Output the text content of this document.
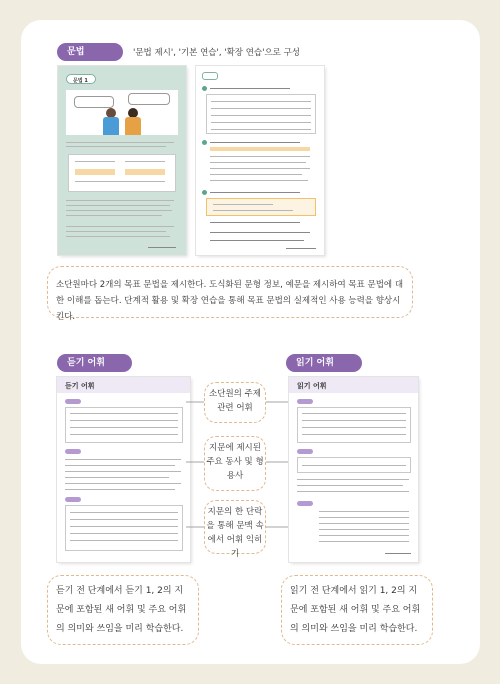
문법	'문법 제시', '기본 연습', '확장 연습'으로 구성
문법 1
소단원마다 2개의 목표 문법을 제시한다. 도식화된 문형 정보, 예문을 제시하여 목표 문법에 대한 이해를 돕는다. 단계적 활용 및 확장 연습을 통해 목표 문법의 실제적인 사용 능력을 향상시킨다.
듣기 어휘
듣기 어휘
소단원의 주제 관련 어휘
지문에 제시된 주요 동사 및 형용사
지문의 한 단락을 통해 문맥 속에서 어휘 익히기
읽기 어휘
읽기 어휘
듣기 전 단계에서 듣기 1, 2의 지문에 포함된 새 어휘 및 주요 어휘의 의미와 쓰임을 미리 학습한다.
읽기 전 단계에서 읽기 1, 2의 지문에 포함된 새 어휘 및 주요 어휘의 의미와 쓰임을 미리 학습한다.
